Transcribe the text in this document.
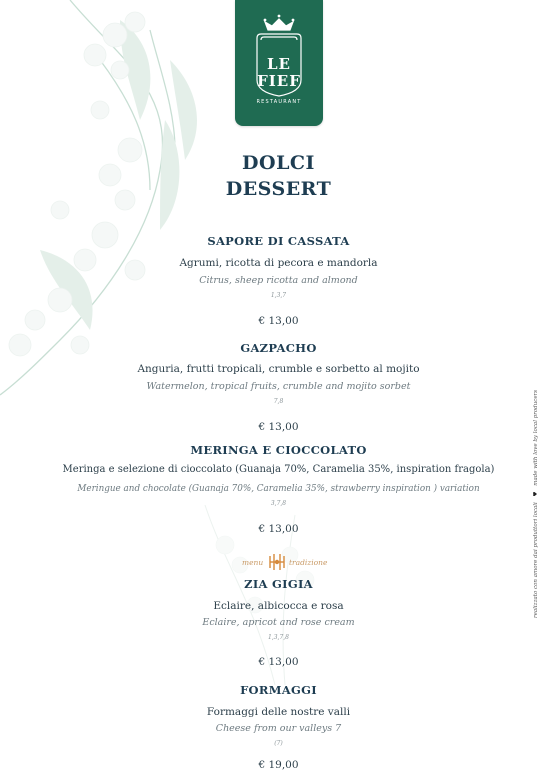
LE
FIEF
RESTAURANT
DOLCI
DESSERT
SAPORE DI CASSATA
Agrumi, ricotta di pecora e mandorla
Citrus, sheep ricotta and almond
1,3,7
€ 13,00
GAZPACHO
Anguria, frutti tropicali, crumble e sorbetto al mojito
Watermelon, tropical fruits, crumble and mojito sorbet
7,8
€ 13,00
MERINGA E CIOCCOLATO
Meringa e selezione di cioccolato (Guanaja 70%, Caramelia 35%, inspiration fragola)
Meringue and chocolate (Guanaja 70%, Caramelia 35%, strawberry inspiration ) variation
3,7,8
€ 13,00
menu	tradizione
ZIA GIGIA
Eclaire, albicocca e rosa
Eclaire, apricot and rose cream
1,3,7,8
€ 13,00
FORMAGGI
Formaggi delle nostre valli
Cheese from our valleys 7
(7)
€ 19,00
realizzato con amore dai produttori locali ♥ made with love by local producers
